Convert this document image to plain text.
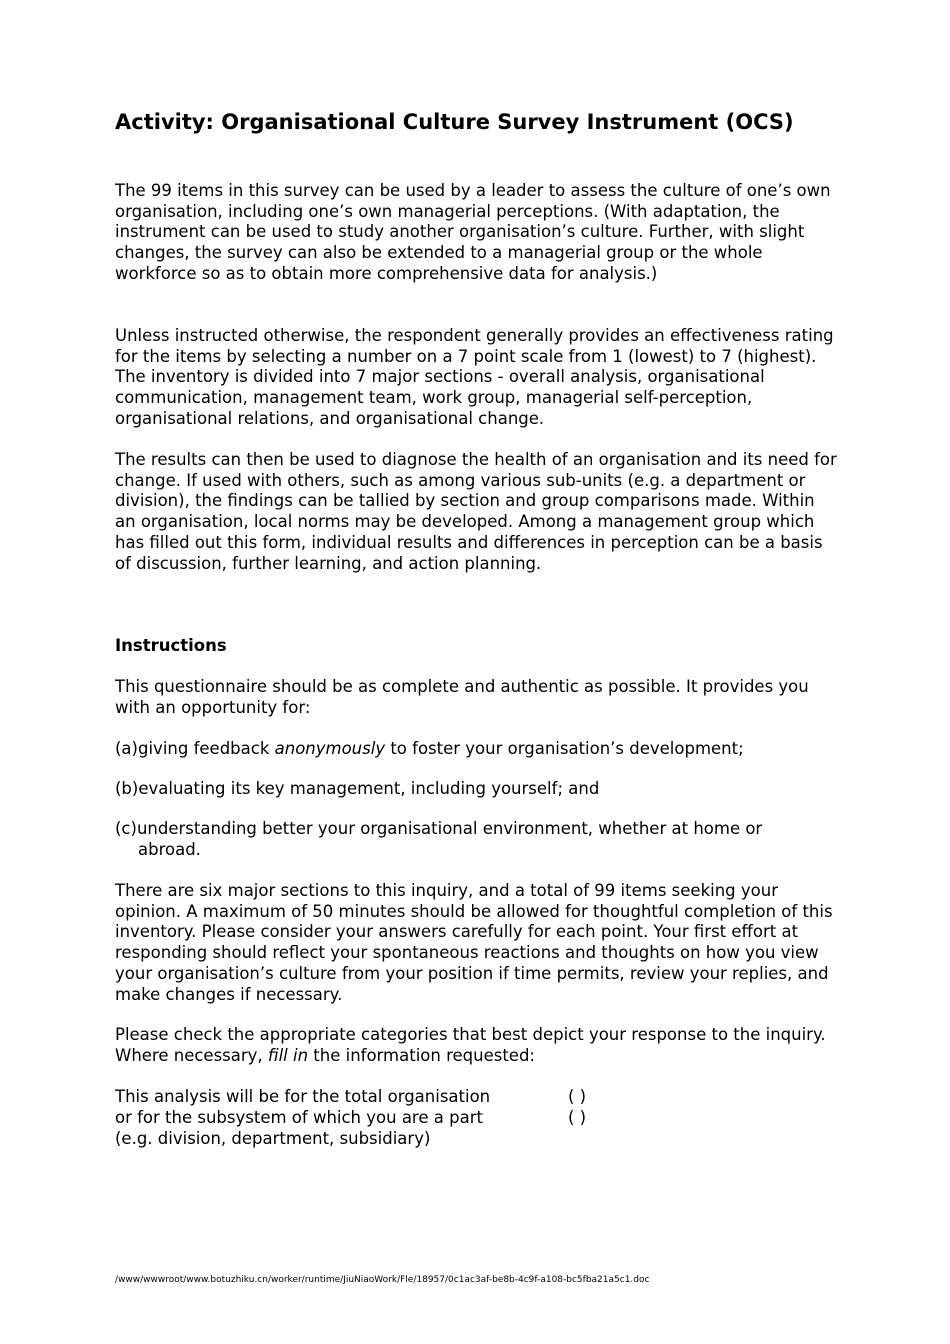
Activity: Organisational Culture Survey Instrument (OCS)

The 99 items in this survey can be used by a leader to assess the culture of one’s own organisation, including one’s own managerial perceptions. (With adaptation, the instrument can be used to study another organisation’s culture. Further, with slight changes, the survey can also be extended to a managerial group or the whole workforce so as to obtain more comprehensive data for analysis.)

Unless instructed otherwise, the respondent generally provides an effectiveness rating for the items by selecting a number on a 7 point scale from 1 (lowest) to 7 (highest). The inventory is divided into 7 major sections - overall analysis, organisational communication, management team, work group, managerial self-perception, organisational relations, and organisational change.

The results can then be used to diagnose the health of an organisation and its need for change. If used with others, such as among various sub-units (e.g. a department or division), the findings can be tallied by section and group comparisons made. Within an organisation, local norms may be developed. Among a management group which has filled out this form, individual results and differences in perception can be a basis of discussion, further learning, and action planning.

Instructions

This questionnaire should be as complete and authentic as possible. It provides you with an opportunity for:

(a)giving feedback anonymously to foster your organisation’s development;
(b)evaluating its key management, including yourself; and
(c)understanding better your organisational environment, whether at home or
abroad.

There are six major sections to this inquiry, and a total of 99 items seeking your opinion. A maximum of 50 minutes should be allowed for thoughtful completion of this inventory. Please consider your answers carefully for each point. Your first effort at responding should reflect your spontaneous reactions and thoughts on how you view your organisation’s culture from your position if time permits, review your replies, and make changes if necessary.

Please check the appropriate categories that best depict your response to the inquiry. Where necessary, fill in the information requested:

This analysis will be for the total organisation	( )
or for the subsystem of which you are a part	( )
(e.g. division, department, subsidiary)
/www/wwwroot/www.botuzhiku.cn/worker/runtime/JiuNiaoWork/Fle/18957/0c1ac3af-be8b-4c9f-a108-bc5fba21a5c1.doc
